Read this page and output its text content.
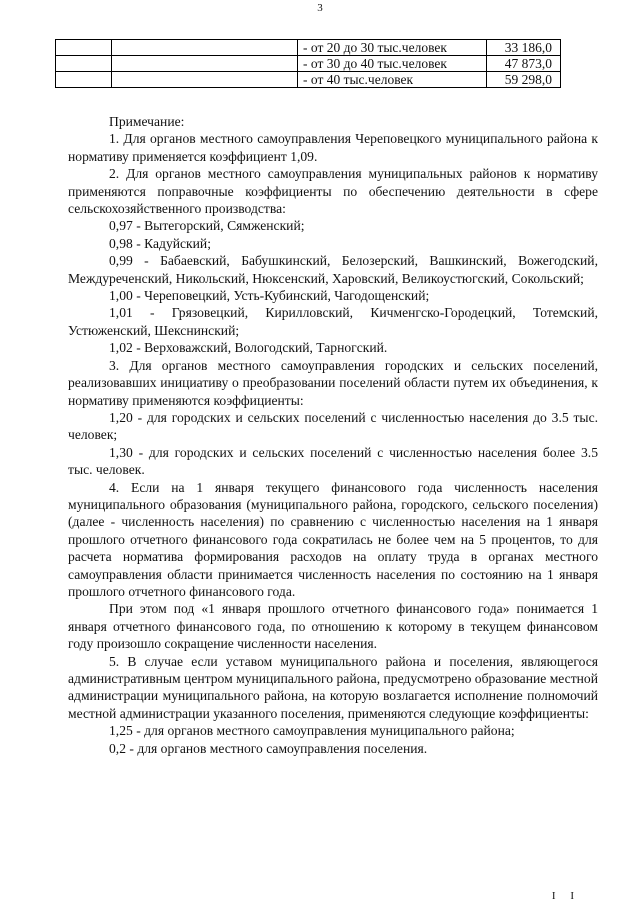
3
		- от 20 до 30 тыс.человек	33 186,0
		- от 30 до 40 тыс.человек	47 873,0
		- от 40 тыс.человек	59 298,0

Примечание:

1. Для органов местного самоуправления Череповецкого муниципального района к нормативу применяется коэффициент 1,09.

2. Для органов местного самоуправления муниципальных районов к нормативу применяются поправочные коэффициенты по обеспечению деятельности в сфере сельскохозяйственного производства:

0,97 - Вытегорский, Сямженский;

0,98 - Кадуйский;

0,99 - Бабаевский, Бабушкинский, Белозерский, Вашкинский, Вожегодский, Междуреченский, Никольский, Нюксенский, Харовский, Великоустюгский, Сокольский;

1,00 - Череповецкий, Усть-Кубинский, Чагодощенский;

1,01 - Грязовецкий, Кирилловский, Кичменгско-Городецкий, Тотемский, Устюженский, Шекснинский;

1,02 - Верховажский, Вологодский, Тарногский.

3. Для органов местного самоуправления городских и сельских поселений, реализовавших инициативу о преобразовании поселений области путем их объединения, к нормативу применяются коэффициенты:

1,20 - для городских и сельских поселений с численностью населения до 3.5 тыс. человек;

1,30 - для городских и сельских поселений с численностью населения более 3.5 тыс. человек.

4. Если на 1 января текущего финансового года численность населения муниципального образования (муниципального района, городского, сельского поселения) (далее - численность населения) по сравнению с численностью населения на 1 января прошлого отчетного финансового года сократилась не более чем на 5 процентов, то для расчета норматива формирования расходов на оплату труда в органах местного самоуправления области принимается численность населения по состоянию на 1 января прошлого отчетного финансового года.

При этом под «1 января прошлого отчетного финансового года» понимается 1 января отчетного финансового года, по отношению к которому в текущем финансовом году произошло сокращение численности населения.

5. В случае если уставом муниципального района и поселения, являющегося административным центром муниципального района, предусмотрено образование местной администрации муниципального района, на которую возлагается исполнение полномочий местной администрации указанного поселения, применяются следующие коэффициенты:

1,25 - для органов местного самоуправления муниципального района;

0,2 - для органов местного самоуправления поселения.

I I
